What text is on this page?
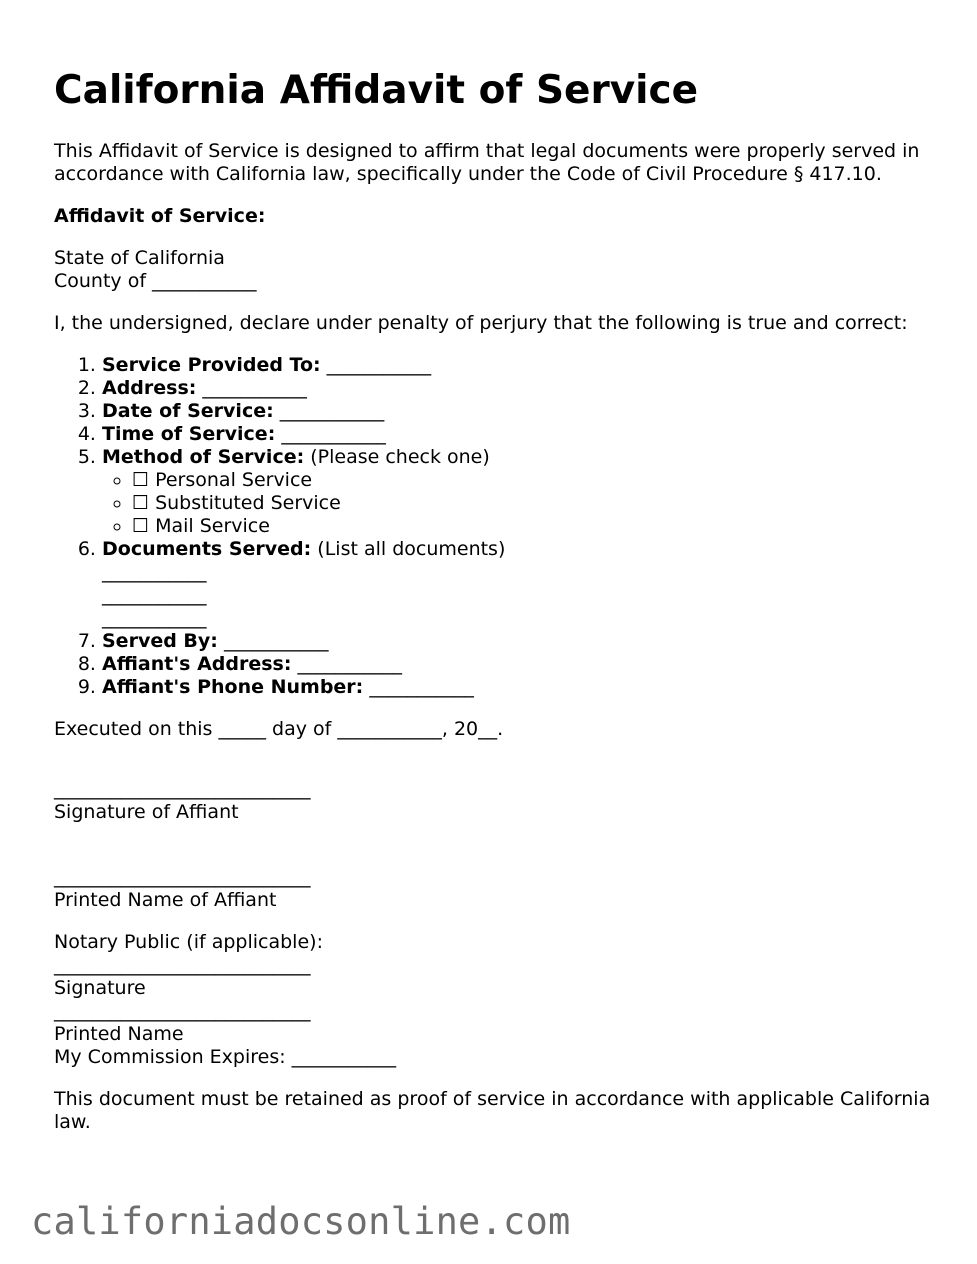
California Affidavit of Service

This Affidavit of Service is designed to affirm that legal documents were properly served in accordance with California law, specifically under the Code of Civil Procedure § 417.10.

Affidavit of Service:

State of California
County of ___________

I, the undersigned, declare under penalty of perjury that the following is true and correct:

1. Service Provided To: ___________
2. Address: ___________
3. Date of Service: ___________
4. Time of Service: ___________
5. Method of Service: (Please check one)
◦ ☐ Personal Service
◦ ☐ Substituted Service
◦ ☐ Mail Service
6. Documents Served: (List all documents)
___________
___________
___________
7. Served By: ___________
8. Affiant's Address: ___________
9. Affiant's Phone Number: ___________

Executed on this _____ day of ___________, 20__.

___________________________
Signature of Affiant
___________________________
Printed Name of Affiant
Notary Public (if applicable):
___________________________
Signature
___________________________
Printed Name
My Commission Expires: ___________

This document must be retained as proof of service in accordance with applicable California law.

californiadocsonline.com
